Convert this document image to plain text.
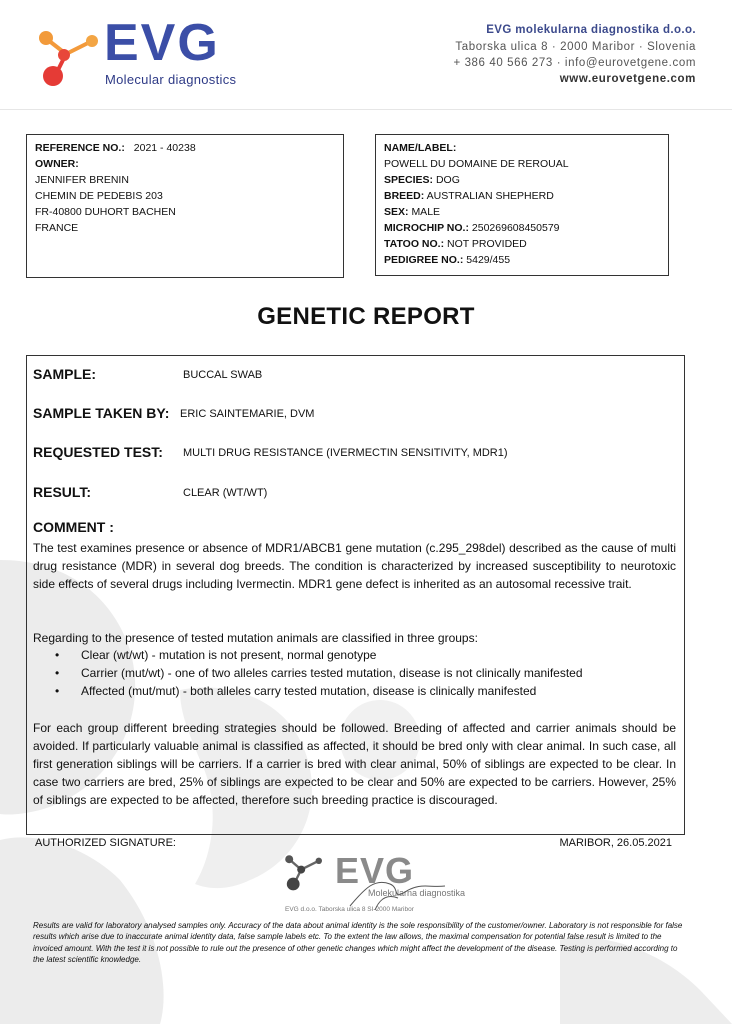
EVG
Molecular diagnostics
EVG molekularna diagnostika d.o.o.
Taborska ulica 8 · 2000 Maribor · Slovenia
+ 386 40 566 273 · info@eurovetgene.com
www.eurovetgene.com
REFERENCE NO.: 2021 - 40238
OWNER:
JENNIFER BRENIN
CHEMIN DE PEDEBIS 203
FR-40800 DUHORT BACHEN
FRANCE
NAME/LABEL:
POWELL DU DOMAINE DE REROUAL
SPECIES: DOG
BREED: AUSTRALIAN SHEPHERD
SEX: MALE
MICROCHIP NO.: 250269608450579
TATOO NO.: NOT PROVIDED
PEDIGREE NO.: 5429/455
GENETIC REPORT
SAMPLE:	BUCCAL SWAB
SAMPLE TAKEN BY: ERIC SAINTEMARIE, DVM
REQUESTED TEST: MULTI DRUG RESISTANCE (IVERMECTIN SENSITIVITY, MDR1)
RESULT:	CLEAR (WT/WT)
COMMENT :
The test examines presence or absence of MDR1/ABCB1 gene mutation (c.295_298del) described as the cause of multi drug resistance (MDR) in several dog breeds. The condition is characterized by increased susceptibility to neurotoxic side effects of several drugs including Ivermectin. MDR1 gene defect is inherited as an autosomal recessive trait.
Regarding to the presence of tested mutation animals are classified in three groups:
• Clear (wt/wt) - mutation is not present, normal genotype
• Carrier (mut/wt) - one of two alleles carries tested mutation, disease is not clinically manifested
• Affected (mut/mut) - both alleles carry tested mutation, disease is clinically manifested
For each group different breeding strategies should be followed. Breeding of affected and carrier animals should be avoided. If particularly valuable animal is classified as affected, it should be bred only with clear animal. In such case, all first generation siblings will be carriers. If a carrier is bred with clear animal, 50% of siblings are expected to be clear. In case two carriers are bred, 25% of siblings are expected to be clear and 50% are expected to be carriers. However, 25% of siblings are expected to be affected, therefore such breeding practice is discouraged.
AUTHORIZED SIGNATURE:	MARIBOR, 26.05.2021
EVG
Molekularna diagnostika
EVG d.o.o. Taborska ulica 8 SI-2000 Maribor
Results are valid for laboratory analysed samples only. Accuracy of the data about animal identity is the sole responsibility of the customer/owner. Laboratory is not responsible for false results which arise due to inaccurate animal identity data, false sample labels etc. To the extent the law allows, the maximal compensation for potential false result is limited to the invoiced amount. With the test it is not possible to rule out the presence of other genetic changes which might affect the development of the disease. Testing is performed according to the latest scientific knowledge.
